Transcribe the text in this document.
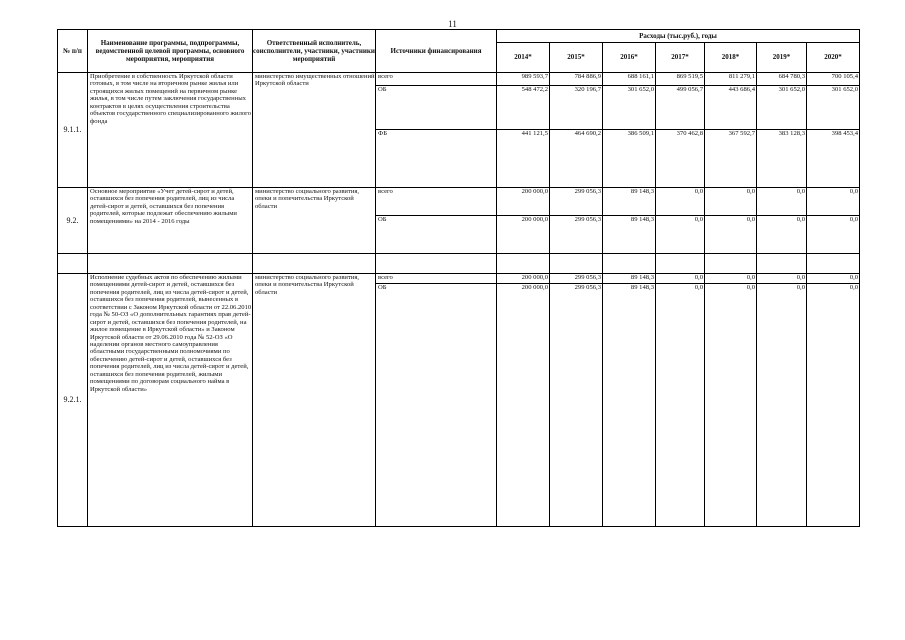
11
№ п/п	Наименование программы, подпрограммы, ведомственной целевой программы, основного мероприятия, мероприятия	Ответственный исполнитель, соисполнители, участники, участники мероприятий	Источники финансирования	Расходы (тыс.руб.), годы						
				2014*	2015*	2016*	2017*	2018*	2019*	2020*
9.1.1.	Приобретение в собственность Иркутской области готовых, в том числе на вторичном рынке жилья или строящихся жилых помещений на первичном рынке жилья, в том числе путем заключения государственных контрактов в целях осуществления строительства объектов государственного специализированного жилого фонда	министерство имущественных отношений Иркутской области	всего	989 593,7	784 886,9	688 161,1	869 519,5	811 279,1	684 780,3	700 105,4
			ОБ	548 472,2	320 196,7	301 652,0	499 056,7	443 686,4	301 652,0	301 652,0
			ФБ	441 121,5	464 690,2	386 509,1	370 462,8	367 592,7	383 128,3	398 453,4
9.2.	Основное мероприятие «Учет детей-сирот и детей, оставшихся без попечения родителей, лиц из числа детей-сирот и детей, оставшихся без попечения родителей, которые подлежат обеспечению жилыми помещениями» на 2014 - 2016 годы	министерство социального развития, опеки и попечительства Иркутской области	всего	200 000,0	299 056,3	89 148,3	0,0	0,0	0,0	0,0
			ОБ	200 000,0	299 056,3	89 148,3	0,0	0,0	0,0	0,0

9.2.1.	Исполнение судебных актов по обеспечению жилыми помещениями детей-сирот и детей, оставшихся без попечения родителей, лиц из числа детей-сирот и детей, оставшихся без попечения родителей, вынесенных в соответствии с Законом Иркутской области от 22.06.2010 года № 50-ОЗ «О дополнительных гарантиях прав детей-сирот и детей, оставшихся без попечения родителей, на жилое помещение в Иркутской области» и Законом Иркутской области от 29.06.2010 года № 52-ОЗ «О наделении органов местного самоуправления областными государственными полномочиями по обеспечению детей-сирот и детей, оставшихся без попечения родителей, лиц из числа детей-сирот и детей, оставшихся без попечения родителей, жилыми помещениями по договорам социального найма в Иркутской области»	министерство социального развития, опеки и попечительства Иркутской области	всего	200 000,0	299 056,3	89 148,3	0,0	0,0	0,0	0,0
			ОБ	200 000,0	299 056,3	89 148,3	0,0	0,0	0,0	0,0
